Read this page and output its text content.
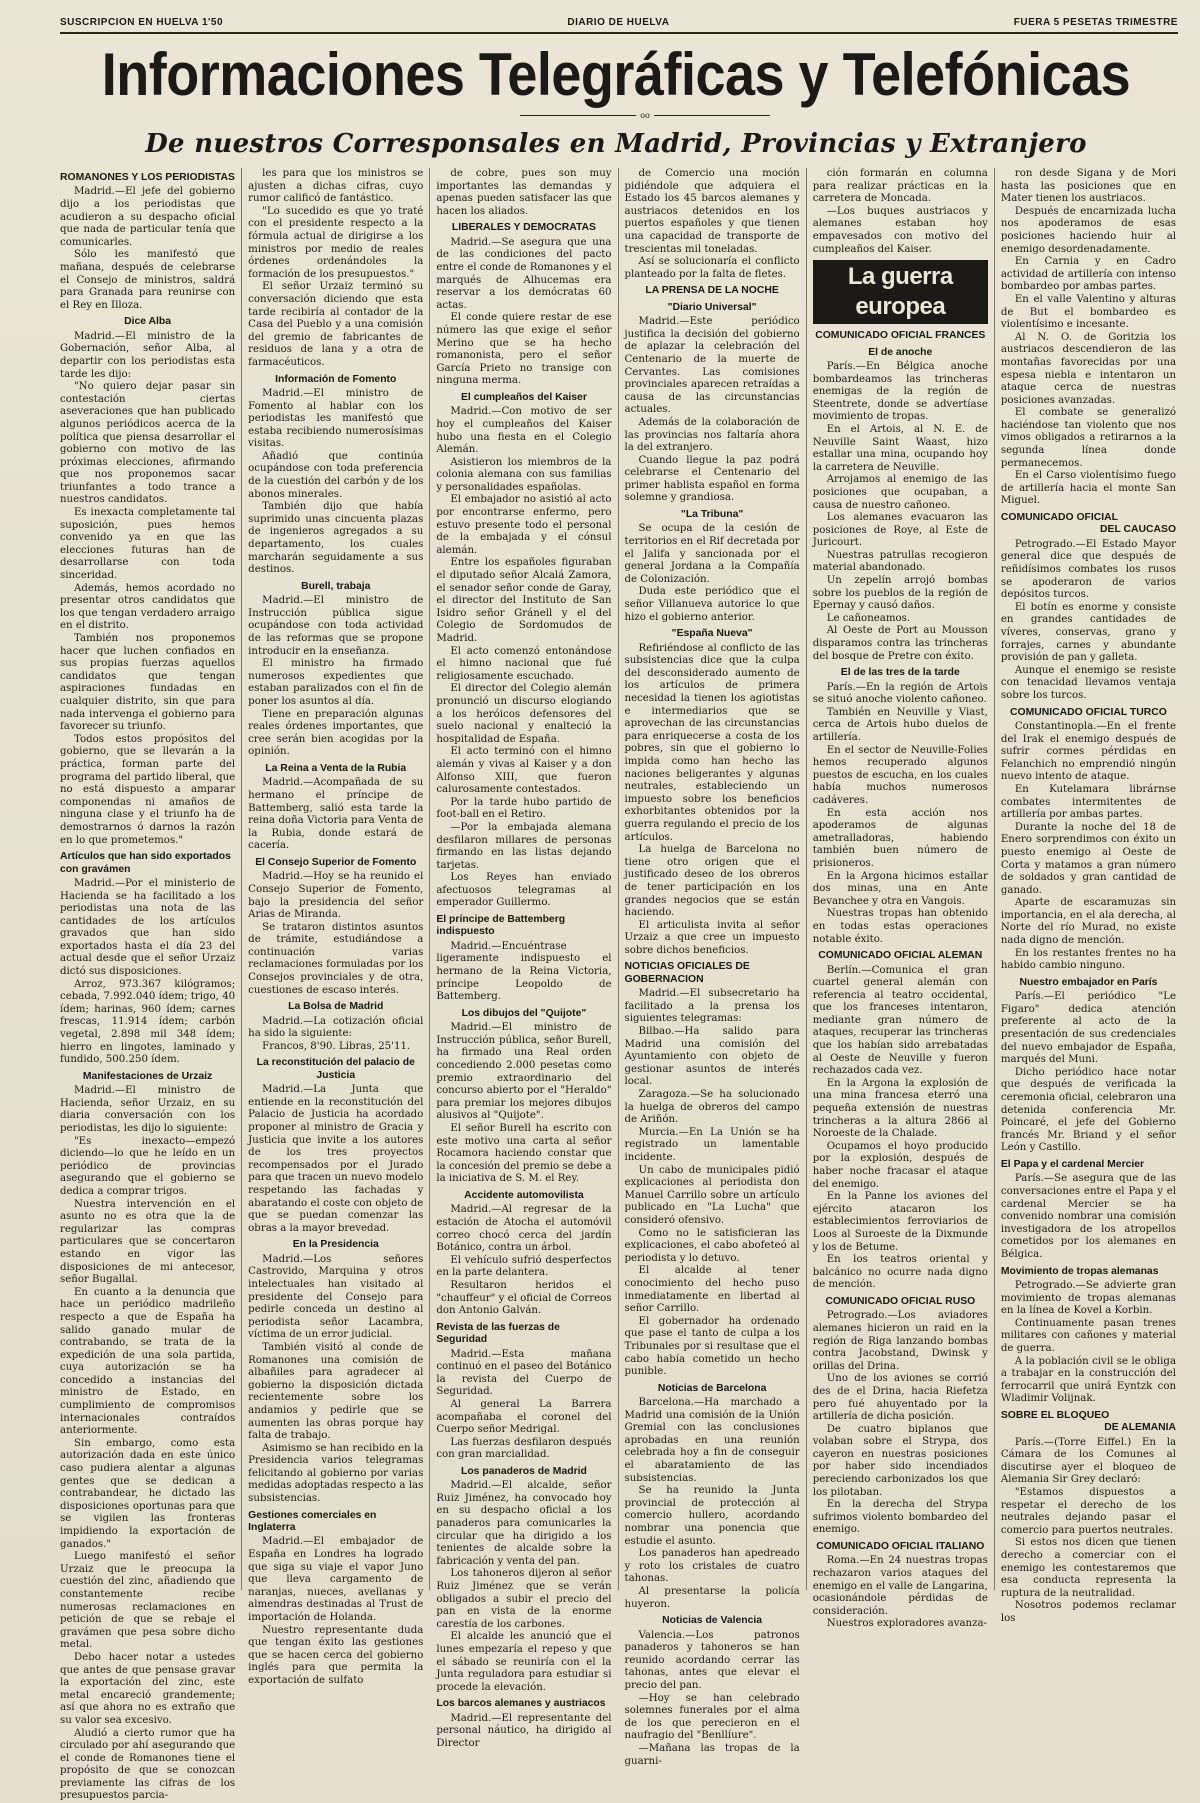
SUSCRIPCION EN HUELVA 1'50	DIARIO DE HUELVA	FUERA 5 PESETAS TRIMESTRE
Informaciones Telegráficas y Telefónicas
oo
De nuestros Corresponsales en Madrid, Provincias y Extranjero
ROMANONES Y LOS PERIODISTAS

Madrid.—El jefe del gobierno dijo a los periodistas que acudieron a su despacho oficial que nada de particular tenía que comunicarles.

Sólo les manifestó que mañana, después de celebrarse el Consejo de ministros, saldrá para Granada para reunirse con el Rey en Illoza.

Dice Alba

Madrid.—El ministro de la Gobernación, señor Alba, al departir con los periodistas esta tarde les dijo:

"No quiero dejar pasar sin contestación ciertas aseveraciones que han publicado algunos periódicos acerca de la política que piensa desarrollar el gobierno con motivo de las próximas elecciones, afirmando que nos proponemos sacar triunfantes a todo trance a nuestros candidatos.

Es inexacta completamente tal suposición, pues hemos convenido ya en que las elecciones futuras han de desarrollarse con toda sinceridad.

Además, hemos acordado no presentar otros candidatos que los que tengan verdadero arraigo en el distrito.

También nos proponemos hacer que luchen confiados en sus propias fuerzas aquellos candidatos que tengan aspiraciones fundadas en cualquier distrito, sin que para nada intervenga el gobierno para favorecer su triunfo.

Todos estos propósitos del gobierno, que se llevarán a la práctica, forman parte del programa del partido liberal, que no está dispuesto a amparar componendas ni amaños de ninguna clase y el triunfo ha de demostrarnos ó darnos la razón en lo que prometemos."

Artículos que han sido exportados con gravámen

Madrid.—Por el ministerio de Hacienda se ha facilitado a los periodistas una nota de las cantidades de los artículos gravados que han sido exportados hasta el día 23 del actual desde que el señor Urzaiz dictó sus disposiciones.

Arroz, 973.367 kilógramos; cebada, 7.992.040 ídem; trigo, 40 ídem; harinas, 960 ídem; carnes frescas, 11.914 ídem; carbón vegetal, 2.898 mil 348 ídem; hierro en lingotes, laminado y fundido, 500.250 ídem.

Manifestaciones de Urzaiz

Madrid.—El ministro de Hacienda, señor Urzaiz, en su diaria conversación con los periodistas, les dijo lo siguiente:

"Es inexacto—empezó diciendo—lo que he leído en un periódico de provincias asegurando que el gobierno se dedica a comprar trigos.

Nuestra intervención en el asunto no es otra que la de regularizar las compras particulares que se concertaron estando en vigor las disposiciones de mi antecesor, señor Bugallal.

En cuanto a la denuncia que hace un periódico madrileño respecto a que de España ha salido ganado mular de contrabando, se trata de la expedición de una sola partida, cuya autorización se ha concedido a instancias del ministro de Estado, en cumplimiento de compromisos internacionales contraídos anteriormente.

Sin embargo, como esta autorización dada en este único caso pudiera alentar a algunas gentes que se dedican a contrabandear, he dictado las disposiciones oportunas para que se vigilen las fronteras impidiendo la exportación de ganados."

Luego manifestó el señor Urzaiz que le preocupa la cuestión del zinc, añadiendo que constantemente recibe numerosas reclamaciones en petición de que se rebaje el gravámen que pesa sobre dicho metal.

Debo hacer notar a ustedes que antes de que pensase gravar la exportación del zinc, este metal encareció grandemente; así que ahora no es extraño que su valor sea excesivo.

Aludió a cierto rumor que ha circulado por ahí asegurando que el conde de Romanones tiene el propósito de que se conozcan previamente las cifras de los presupuestos parcia-

les para que los ministros se ajusten a dichas cifras, cuyo rumor calificó de fantástico.

"Lo sucedido es que yo traté con el presidente respecto a la fórmula actual de dirigirse a los ministros por medio de reales órdenes ordenándoles la formación de los presupuestos."

El señor Urzaiz terminó su conversación diciendo que esta tarde recibiría al contador de la Casa del Pueblo y a una comisión del gremio de fabricantes de residuos de lana y a otra de farmacéuticos.

Información de Fomento

Madrid.—El ministro de Fomento al hablar con los periodistas les manifestó que estaba recibiendo numerosísimas visitas.

Añadió que continúa ocupándose con toda preferencia de la cuestión del carbón y de los abonos minerales.

También dijo que había suprimido unas cincuenta plazas de ingenieros agregados a su departamento, los cuales marcharán seguidamente a sus destinos.

Burell, trabaja

Madrid.—El ministro de Instrucción pública sigue ocupándose con toda actividad de las reformas que se propone introducir en la enseñanza.

El ministro ha firmado numerosos expedientes que estaban paralizados con el fin de poner los asuntos al día.

Tiene en preparación algunas reales órdenes importantes, que cree serán bien acogidas por la opinión.

La Reina a Venta de la Rubia

Madrid.—Acompañada de su hermano el príncipe de Battemberg, salió esta tarde la reina doña Victoria para Venta de la Rubia, donde estará de cacería.

El Consejo Superior de Fomento

Madrid.—Hoy se ha reunido el Consejo Superior de Fomento, bajo la presidencia del señor Arias de Miranda.

Se trataron distintos asuntos de trámite, estudiándose a continuación varias reclamaciones formuladas por los Consejos provinciales y de otra, cuestiones de escaso interés.

La Bolsa de Madrid

Madrid.—La cotización oficial ha sido la siguiente:

Francos, 8'90. Libras, 25'11.

La reconstitución del palacio de Justicia

Madrid.—La Junta que entiende en la reconstitución del Palacio de Justicia ha acordado proponer al ministro de Gracia y Justicia que invite a los autores de los tres proyectos recompensados por el Jurado para que tracen un nuevo modelo respetando las fachadas y abaratando el coste con objeto de que se puedan comenzar las obras a la mayor brevedad.

En la Presidencia

Madrid.—Los señores Castrovido, Marquina y otros intelectuales han visitado al presidente del Consejo para pedirle conceda un destino al periodista señor Lacambra, víctima de un error judicial.

También visitó al conde de Romanones una comisión de albañiles para agradecer al gobierno la disposición dictada recientemente sobre los andamios y pedirle que se aumenten las obras porque hay falta de trabajo.

Asimismo se han recibido en la Presidencia varios telegramas felicitando al gobierno por varias medidas adoptadas respecto a las subsistencias.

Gestiones comerciales en Inglaterra

Madrid.—El embajador de España en Londres ha logrado que siga su viaje el vapor Juno que lleva cargamento de naranjas, nueces, avellanas y almendras destinadas al Trust de importación de Holanda.

Nuestro representante duda que tengan éxito las gestiones que se hacen cerca del gobierno inglés para que permita la exportación de sulfato

de cobre, pues son muy importantes las demandas y apenas pueden satisfacer las que hacen los aliados.

LIBERALES Y DEMOCRATAS

Madrid.—Se asegura que una de las condiciones del pacto entre el conde de Romanones y el marqués de Alhucemas era reservar a los demócratas 60 actas.

El conde quiere restar de ese número las que exige el señor Merino que se ha hecho romanonista, pero el señor García Prieto no transige con ninguna merma.

El cumpleaños del Kaiser

Madrid.—Con motivo de ser hoy el cumpleaños del Kaiser hubo una fiesta en el Colegio Alemán.

Asistieron los miembros de la colonia alemana con sus familias y personalidades españolas.

El embajador no asistió al acto por encontrarse enfermo, pero estuvo presente todo el personal de la embajada y el cónsul alemán.

Entre los españoles figuraban el diputado señor Alcalá Zamora, el senador señor conde de Garay, el director del Instituto de San Isidro señor Gránell y el del Colegio de Sordomudos de Madrid.

El acto comenzó entonándose el himno nacional que fué religiosamente escuchado.

El director del Colegio alemán pronunció un discurso elogiando a los heróicos defensores del suelo nacional y enalteció la hospitalidad de España.

El acto terminó con el himno alemán y vivas al Kaiser y a don Alfonso XIII, que fueron calurosamente contestados.

Por la tarde hubo partido de foot-ball en el Retiro.

—Por la embajada alemana desfilaron millares de personas firmando en las listas dejando tarjetas.

Los Reyes han enviado afectuosos telegramas al emperador Guillermo.

El príncipe de Battemberg indispuesto

Madrid.—Encuéntrase ligeramente indispuesto el hermano de la Reina Victoria, príncipe Leopoldo de Battemberg.

Los dibujos del "Quijote"

Madrid.—El ministro de Instrucción pública, señor Burell, ha firmado una Real orden concediendo 2.000 pesetas como premio extraordinario del concurso abierto por el "Heraldo" para premiar los mejores dibujos alusivos al "Quijote".

El señor Burell ha escrito con este motivo una carta al señor Rocamora haciendo constar que la concesión del premio se debe a la iniciativa de S. M. el Rey.

Accidente automovilista

Madrid.—Al regresar de la estación de Atocha el automóvil correo chocó cerca del jardín Botánico, contra un árbol.

El vehículo sufrió desperfectos en la parte delantera.

Resultaron heridos el "chauffeur" y el oficial de Correos don Antonio Galván.

Revista de las fuerzas de Seguridad

Madrid.—Esta mañana continuó en el paseo del Botánico la revista del Cuerpo de Seguridad.

Al general La Barrera acompañaba el coronel del Cuerpo señor Medrigal.

Las fuerzas desfilaron después con gran marcialidad.

Los panaderos de Madrid

Madrid.—El alcalde, señor Ruiz Jiménez, ha convocado hoy en su despacho oficial a los panaderos para comunicarles la circular que ha dirigido a los tenientes de alcalde sobre la fabricación y venta del pan.

Los tahoneros dijeron al señor Ruiz Jiménez que se verán obligados a subir el precio del pan en vista de la enorme carestía de los carbones.

El alcalde les anunció que el lunes empezaría el repeso y que el sábado se reuniría con el la Junta reguladora para estudiar si procede la elevación.

Los barcos alemanes y austriacos

Madrid.—El representante del personal náutico, ha dirigido al Director

de Comercio una moción pidiéndole que adquiera el Estado los 45 barcos alemanes y austriacos detenidos en los puertos españoles y que tienen una capacidad de transporte de trescientas mil toneladas.

Así se solucionaría el conflicto planteado por la falta de fletes.

LA PRENSA DE LA NOCHE
"Diario Universal"

Madrid.—Este periódico justifica la decisión del gobierno de aplazar la celebración del Centenario de la muerte de Cervantes. Las comisiones provinciales aparecen retraídas a causa de las circunstancias actuales.

Además de la colaboración de las provincias nos faltaría ahora la del extranjero.

Cuando llegue la paz podrá celebrarse el Centenario del primer hablista español en forma solemne y grandiosa.

"La Tribuna"

Se ocupa de la cesión de territorios en el Rif decretada por el Jalifa y sancionada por el general Jordana a la Compañía de Colonización.

Duda este periódico que el señor Villanueva autorice lo que hizo el gobierno anterior.

"España Nueva"

Refiriéndose al conflicto de las subsistencias dice que la culpa del desconsiderado aumento de los artículos de primera necesidad la tienen los agiotistas e intermediarios que se aprovechan de las circunstancias para enriquecerse a costa de los pobres, sin que el gobierno lo impida como han hecho las naciones beligerantes y algunas neutrales, estableciendo un impuesto sobre los beneficios exhorbitantes obtenidos por la guerra regulando el precio de los artículos.

La huelga de Barcelona no tiene otro origen que el justificado deseo de los obreros de tener participación en los grandes negocios que se están haciendo.

El articulista invita al señor Urzaiz a que cree un impuesto sobre dichos beneficios.

NOTICIAS OFICIALES DE GOBERNACION

Madrid.—El subsecretario ha facilitado a la prensa los siguientes telegramas:

Bilbao.—Ha salido para Madrid una comisión del Ayuntamiento con objeto de gestionar asuntos de interés local.

Zaragoza.—Se ha solucionado la huelga de obreros del campo de Ariñón.

Murcia.—En La Unión se ha registrado un lamentable incidente.

Un cabo de municipales pidió explicaciones al periodista don Manuel Carrillo sobre un artículo publicado en "La Lucha" que consideró ofensivo.

Como no le satisficieran las explicaciones, el cabo abofeteó al periodista y lo detuvo.

El alcalde al tener conocimiento del hecho puso inmediatamente en libertad al señor Carrillo.

El gobernador ha ordenado que pase el tanto de culpa a los Tribunales por si resultase que el cabo había cometido un hecho punible.

Noticias de Barcelona

Barcelona.—Ha marchado a Madrid una comisión de la Unión Gremial con las conclusiones aprobadas en una reunión celebrada hoy a fin de conseguir el abaratamiento de las subsistencias.

Se ha reunido la Junta provincial de protección al comercio hullero, acordando nombrar una ponencia que estudie el asunto.

Los panaderos han apedreado y roto los cristales de cuatro tahonas.

Al presentarse la policía huyeron.

Noticias de Valencia

Valencia.—Los patronos panaderos y tahoneros se han reunido acordando cerrar las tahonas, antes que elevar el precio del pan.

—Hoy se han celebrado solemnes funerales por el alma de los que perecieron en el naufragio del "Benllíure".

—Mañana las tropas de la guarni-

ción formarán en columna para realizar prácticas en la carretera de Moncada.

—Los buques austriacos y alemanes estaban hoy empavesados con motivo del cumpleaños del Kaiser.

La guerra europea
COMUNICADO OFICIAL FRANCES
El de anoche

París.—En Bélgica anoche bombardeamos las trincheras enemigas de la región de Steentrete, donde se advertíase movimiento de tropas.

En el Artois, al N. E. de Neuville Saint Waast, hizo estallar una mina, ocupando hoy la carretera de Neuville.

Arrojamos al enemigo de las posiciones que ocupaban, a causa de nuestro cañoneo.

Los alemanes evacuaron las posiciones de Roye, al Este de Juricourt.

Nuestras patrullas recogieron material abandonado.

Un zepelín arrojó bombas sobre los pueblos de la región de Epernay y causó daños.

Le cañoneamos.

Al Oeste de Port au Mousson disparamos contra las trincheras del bosque de Pretre con éxito.

El de las tres de la tarde

París.—En la región de Artois se situó anoche violento cañoneo.

También en Neuville y Viast, cerca de Artois hubo duelos de artillería.

En el sector de Neuville-Folies hemos recuperado algunos puestos de escucha, en los cuales había muchos numerosos cadáveres.

En esta acción nos apoderamos de algunas ametralladoras, habiendo también buen número de prisioneros.

En la Argona hicimos estallar dos minas, una en Ante Bevanchee y otra en Vangois.

Nuestras tropas han obtenido en todas estas operaciones notable éxito.

COMUNICADO OFICIAL ALEMAN

Berlín.—Comunica el gran cuartel general alemán con referencia al teatro occidental, que los franceses intentaron, mediante gran número de ataques, recuperar las trincheras que los habían sido arrebatadas al Oeste de Neuville y fueron rechazados cada vez.

En la Argona la explosión de una mina francesa eterró una pequeña extensión de nuestras trincheras a la altura 2866 al Noroeste de la Chalade.

Ocupamos el hoyo producido por la explosión, después de haber noche fracasar el ataque del enemigo.

En la Panne los aviones del ejército atacaron los establecimientos ferroviarios de Loos al Suroeste de la Dixmunde y los de Betume.

En los teatros oriental y balcánico no ocurre nada digno de mención.

COMUNICADO OFICIAL RUSO

Petrogrado.—Los aviadores alemanes hicieron un raid en la región de Riga lanzando bombas contra Jacobstand, Dwinsk y orillas del Drina.

Uno de los aviones se corrió des de el Drina, hacia Riefetza pero fué ahuyentado por la artillería de dicha posición.

De cuatro biplanos que volaban sobre el Strypa, dos cayeron en nuestras posiciones por haber sido incendiados pereciendo carbonizados los que los pilotaban.

En la derecha del Strypa sufrimos violento bombardeo del enemigo.

COMUNICADO OFICIAL ITALIANO

Roma.—En 24 nuestras tropas rechazaron varios ataques del enemigo en el valle de Langarina, ocasionándole pérdidas de consideración.

Nuestros exploradores avanza-

ron desde Sigana y de Mori hasta las posiciones que en Mater tienen los austriacos.

Después de encarnizada lucha nos apoderamos de esas posiciones haciendo huir al enemigo desordenadamente.

En Carnia y en Cadro actividad de artillería con intenso bombardeo por ambas partes.

En el valle Valentino y alturas de But el bombardeo es violentísimo e incesante.

Al N. O. de Goritzia los austriacos descendieron de las montañas favorecidas por una espesa niebla e intentaron un ataque cerca de nuestras posiciones avanzadas.

El combate se generalizó haciéndose tan violento que nos vimos obligados a retirarnos a la segunda línea donde permanecemos.

En el Carso violentísimo fuego de artillería hacia el monte San Miguel.

COMUNICADO OFICIAL
DEL CAUCASO

Petrogrado.—El Estado Mayor general dice que después de reñidísimos combates los rusos se apoderaron de varios depósitos turcos.

El botín es enorme y consiste en grandes cantidades de víveres, conservas, grano y forrajes, carnes y abundante provisión de pan y galleta.

Aunque el enemigo se resiste con tenacidad llevamos ventaja sobre los turcos.

COMUNICADO OFICIAL TURCO

Constantinopla.—En el frente del Irak el enemigo después de sufrir cormes pérdidas en Felanchich no emprendió ningún nuevo intento de ataque.

En Kutelamara librárnse combates intermitentes de artillería por ambas partes.

Durante la noche del 18 de Enero sorprendimos con éxito un puesto enemigo al Oeste de Corta y matamos a gran número de soldados y gran cantidad de ganado.

Aparte de escaramuzas sin importancia, en el ala derecha, al Norte del río Murad, no existe nada digno de mención.

En los restantes frentes no ha habido cambio ninguno.

Nuestro embajador en París

París.—El periódico "Le Figaro" dedica atención preferente al acto de la presentación de sus credenciales del nuevo embajador de España, marqués del Muni.

Dicho periódico hace notar que después de verificada la ceremonia oficial, celebraron una detenida conferencia Mr. Poincaré, el jefe del Gobierno francés Mr. Briand y el señor León y Castillo.

El Papa y el cardenal Mercier

París.—Se asegura que de las conversaciones entre el Papa y el cardenal Mercier se ha convenido nombrar una comisión investigadora de los atropellos cometidos por los alemanes en Bélgica.

Movimiento de tropas alemanas

Petrogrado.—Se advierte gran movimiento de tropas alemanas en la línea de Kovel a Korbin.

Continuamente pasan trenes militares con cañones y material de guerra.

A la población civil se le obliga a trabajar en la construcción del ferrocarril que unirá Eyntzk con Wladimir Volijnak.

SOBRE EL BLOQUEO
DE ALEMANIA

París.—(Torre Eiffel.) En la Cámara de los Comunes al discutirse ayer el bloqueo de Alemania Sir Grey declaró:

"Estamos dispuestos a respetar el derecho de los neutrales dejando pasar el comercio para puertos neutrales.

Si estos nos dicen que tienen derecho a comerciar con el enemigo les contestaremos que esa conducta representa la ruptura de la neutralidad.

Nosotros podemos reclamar los
